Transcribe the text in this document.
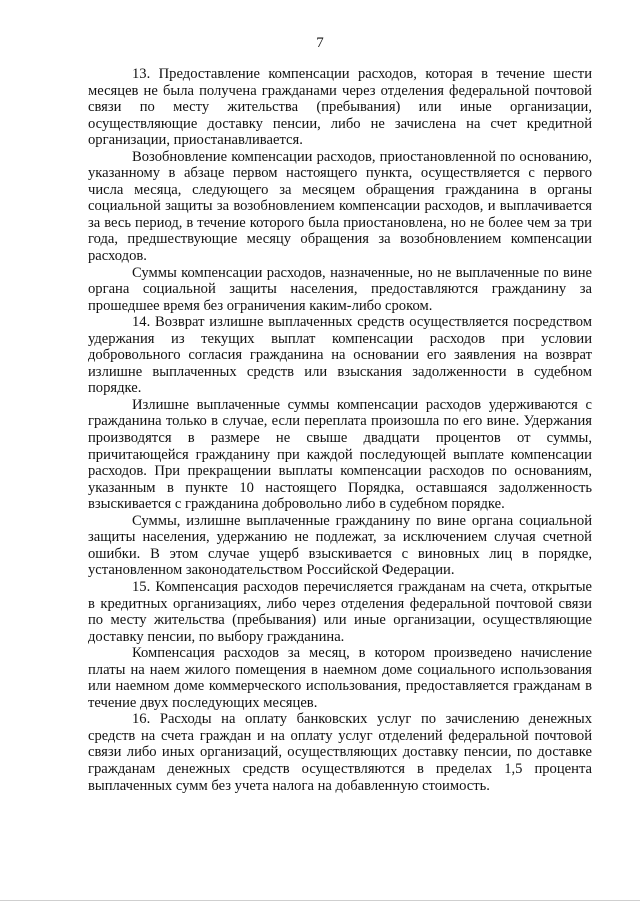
7

13. Предоставление компенсации расходов, которая в течение шести месяцев не была получена гражданами через отделения федеральной почтовой связи по месту жительства (пребывания) или иные организации, осуществляющие доставку пенсии, либо не зачислена на счет кредитной организации, приостанавливается.

Возобновление компенсации расходов, приостановленной по основанию, указанному в абзаце первом настоящего пункта, осуществляется с первого числа месяца, следующего за месяцем обращения гражданина в органы социальной защиты за возобновлением компенсации расходов, и выплачивается за весь период, в течение которого была приостановлена, но не более чем за три года, предшествующие месяцу обращения за возобновлением компенсации расходов.

Суммы компенсации расходов, назначенные, но не выплаченные по вине органа социальной защиты населения, предоставляются гражданину за прошедшее время без ограничения каким-либо сроком.

14. Возврат излишне выплаченных средств осуществляется посредством удержания из текущих выплат компенсации расходов при условии добровольного согласия гражданина на основании его заявления на возврат излишне выплаченных средств или взыскания задолженности в судебном порядке.

Излишне выплаченные суммы компенсации расходов удерживаются с гражданина только в случае, если переплата произошла по его вине. Удержания производятся в размере не свыше двадцати процентов от суммы, причитающейся гражданину при каждой последующей выплате компенсации расходов. При прекращении выплаты компенсации расходов по основаниям, указанным в пункте 10 настоящего Порядка, оставшаяся задолженность взыскивается с гражданина добровольно либо в судебном порядке.

Суммы, излишне выплаченные гражданину по вине органа социальной защиты населения, удержанию не подлежат, за исключением случая счетной ошибки. В этом случае ущерб взыскивается с виновных лиц в порядке, установленном законодательством Российской Федерации.

15. Компенсация расходов перечисляется гражданам на счета, открытые в кредитных организациях, либо через отделения федеральной почтовой связи по месту жительства (пребывания) или иные организации, осуществляющие доставку пенсии, по выбору гражданина.

Компенсация расходов за месяц, в котором произведено начисление платы на наем жилого помещения в наемном доме социального использования или наемном доме коммерческого использования, предоставляется гражданам в течение двух последующих месяцев.

16. Расходы на оплату банковских услуг по зачислению денежных средств на счета граждан и на оплату услуг отделений федеральной почтовой связи либо иных организаций, осуществляющих доставку пенсии, по доставке гражданам денежных средств осуществляются в пределах 1,5 процента выплаченных сумм без учета налога на добавленную стоимость.
